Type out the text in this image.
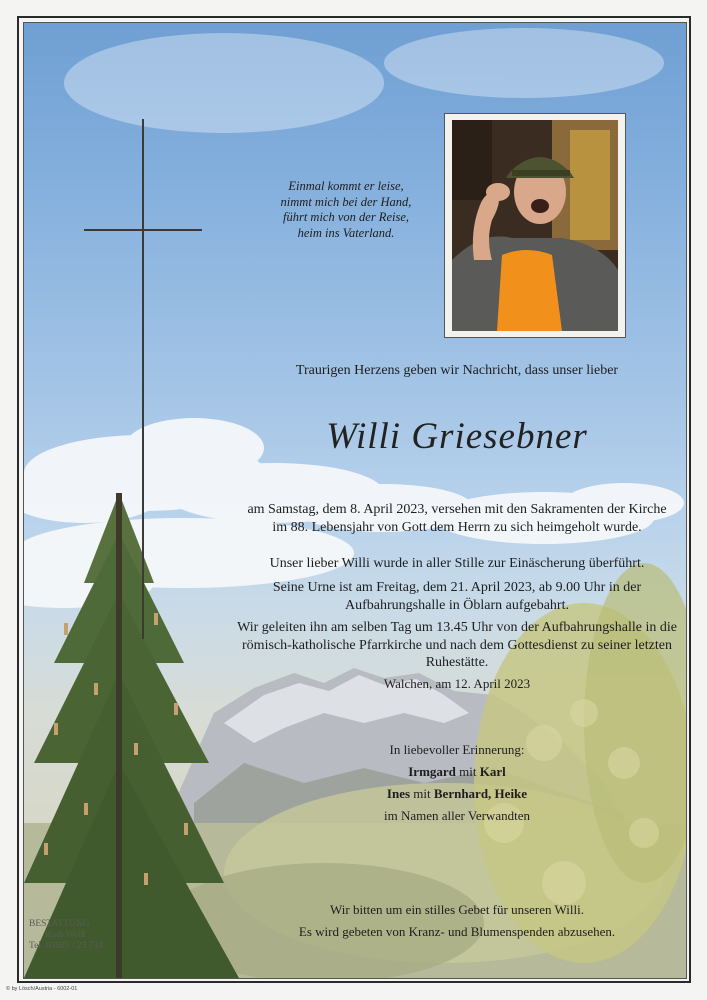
Einmal kommt er leise,
nimmt mich bei der Hand,
führt mich von der Reise,
heim ins Vaterland.
Traurigen Herzens geben wir Nachricht, dass unser lieber
Willi Griesebner
am Samstag, dem 8. April 2023, versehen mit den Sakramenten der Kirche im 88. Lebensjahr von Gott dem Herrn zu sich heimgeholt wurde.
Unser lieber Willi wurde in aller Stille zur Einäscherung überführt.
Seine Urne ist am Freitag, dem 21. April 2023, ab 9.00 Uhr in der Aufbahrungshalle in Öblarn aufgebahrt.
Wir geleiten ihn am selben Tag um 13.45 Uhr von der Aufbahrungshalle in die römisch-katholische Pfarrkirche und nach dem Gottesdienst zu seiner letzten Ruhestätte.
Walchen, am 12. April 2023
In liebevoller Erinnerung:
Irmgard mit Karl
Ines mit Bernhard, Heike
im Namen aller Verwandten
Wir bitten um ein stilles Gebet für unseren Willi.
Es wird gebeten von Kranz- und Blumenspenden abzusehen.
BESTATTUNG
Rudi Weiß
Tel. 03685 / 23 733
© by Lösch/Austria - 6002-01
